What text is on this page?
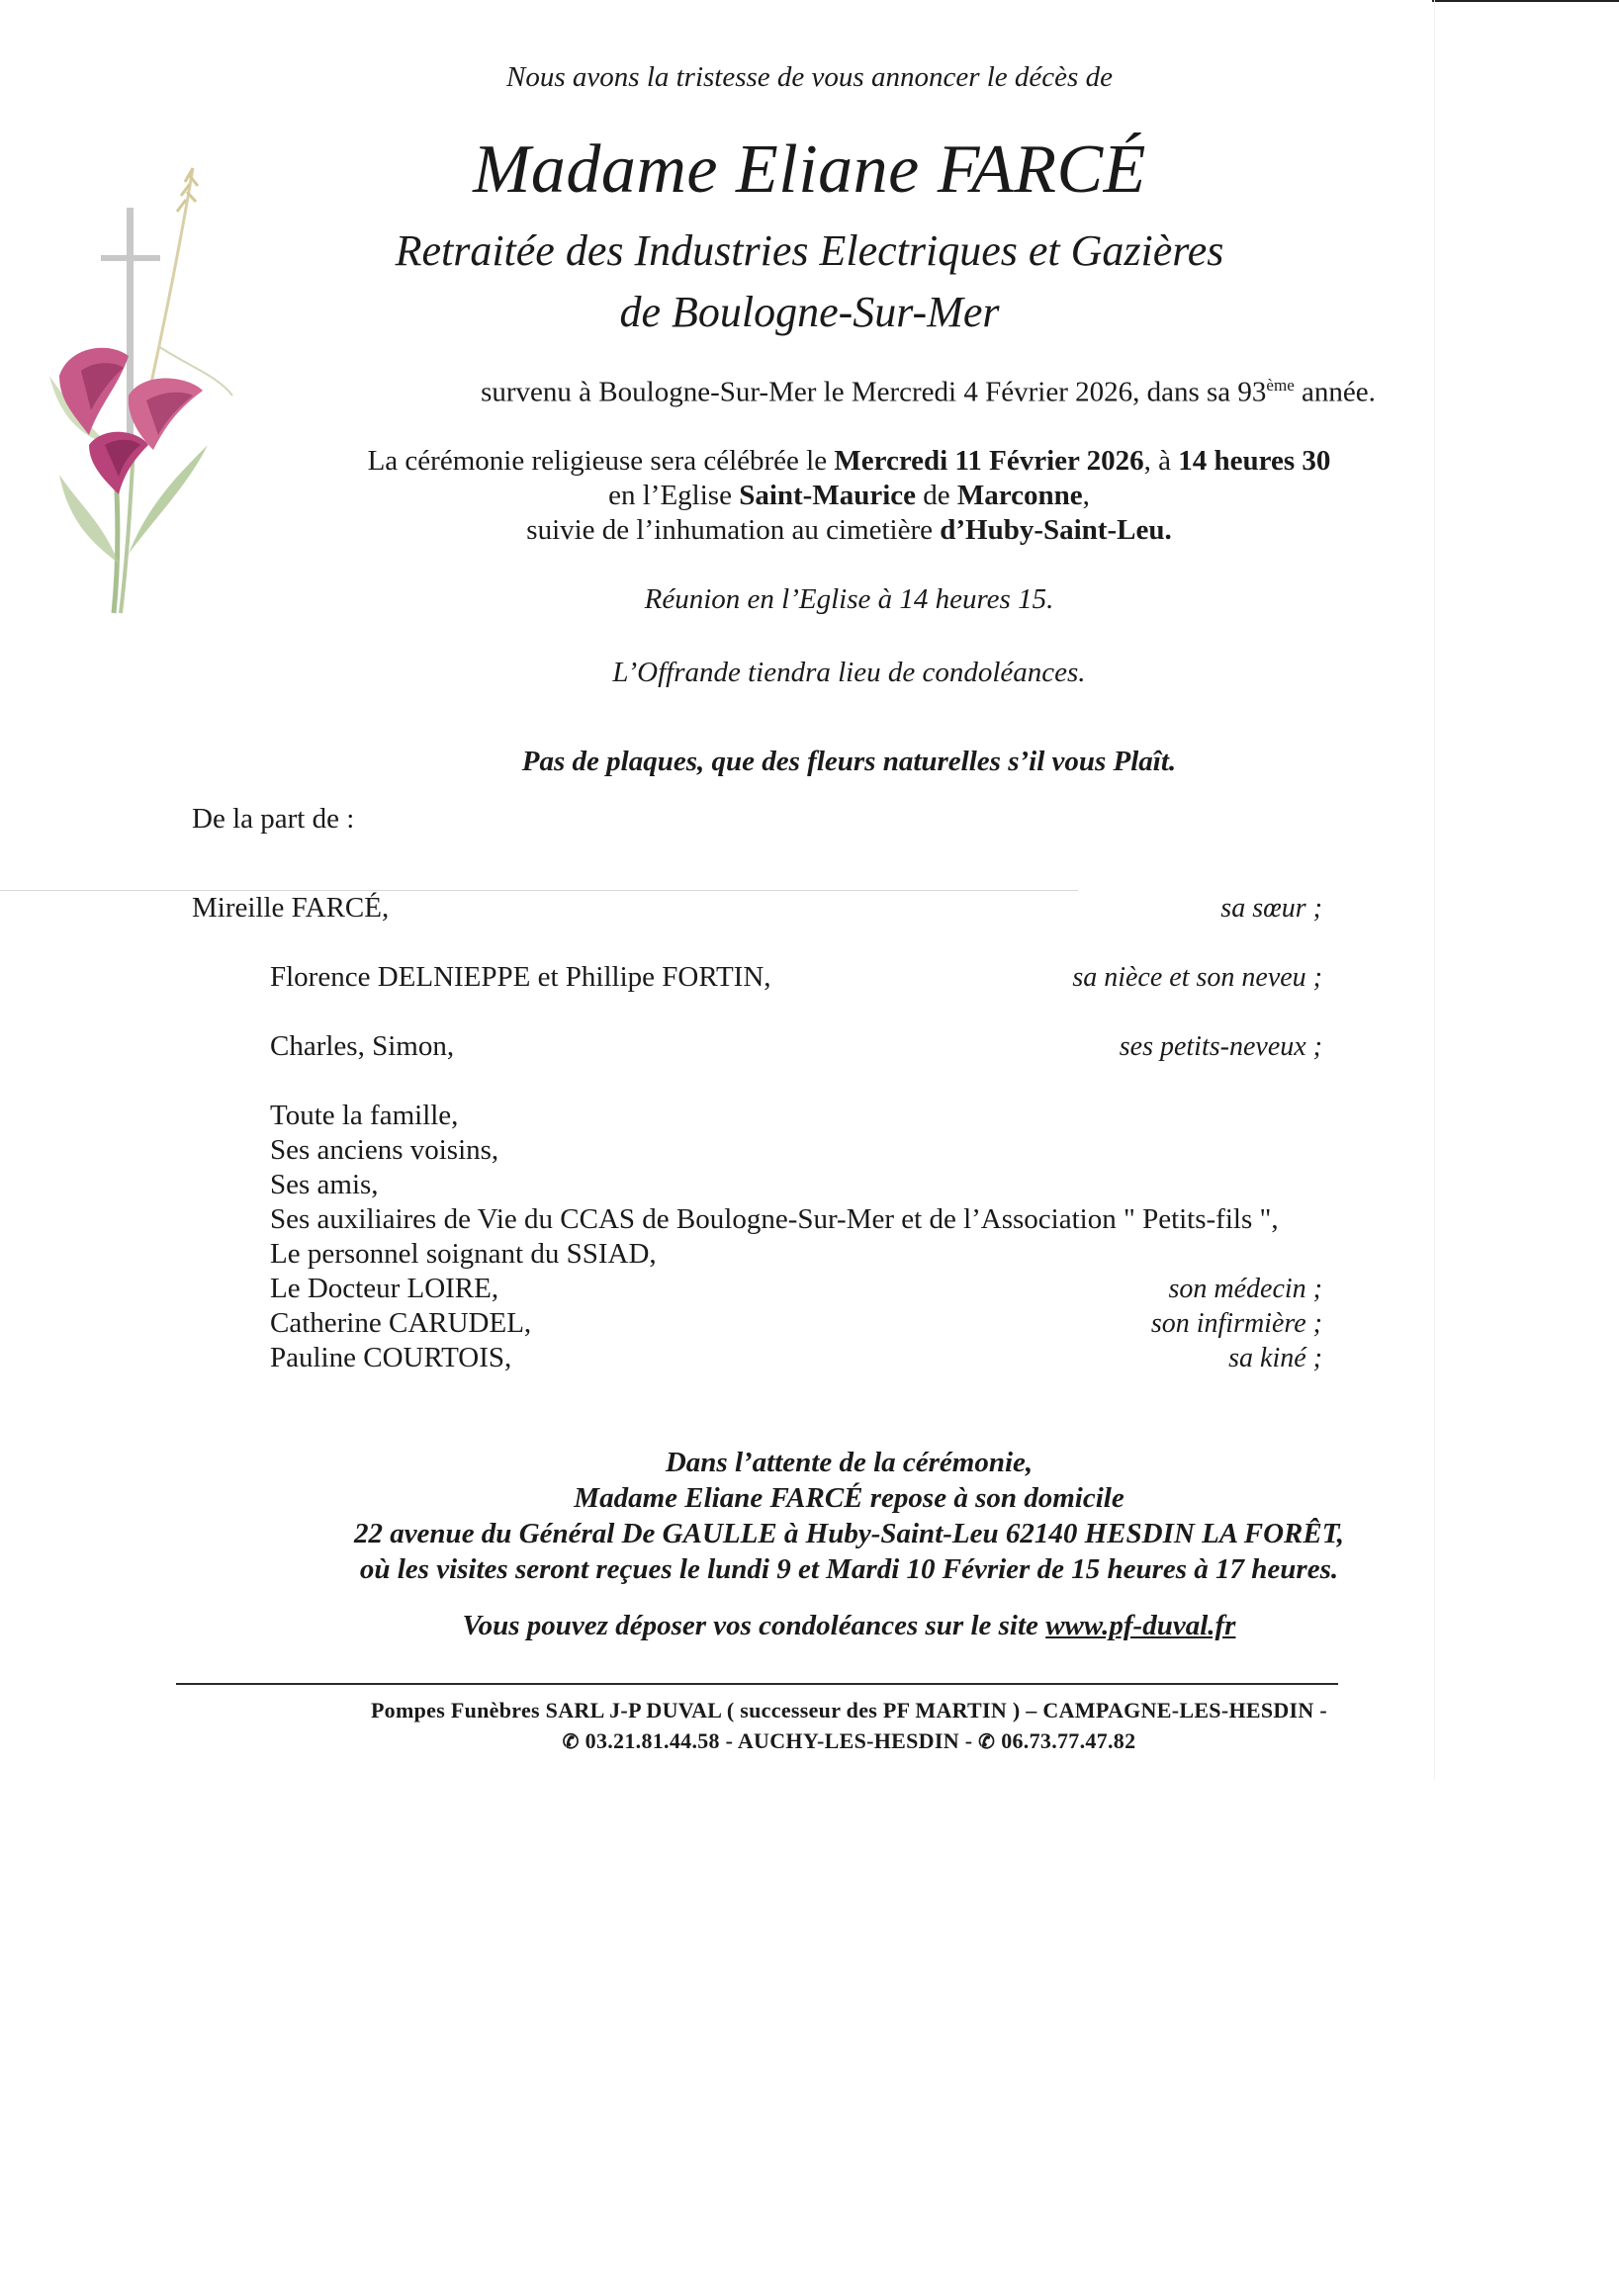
Nous avons la tristesse de vous annoncer le décès de
Madame Eliane FARCÉ
Retraitée des Industries Electriques et Gazières
de Boulogne-Sur-Mer
survenu à Boulogne-Sur-Mer le Mercredi 4 Février 2026, dans sa 93ème année.
La cérémonie religieuse sera célébrée le Mercredi 11 Février 2026, à 14 heures 30
en l’Eglise Saint-Maurice de Marconne,
suivie de l’inhumation au cimetière d’Huby-Saint-Leu.
Réunion en l’Eglise à 14 heures 15.
L’Offrande tiendra lieu de condoléances.
Pas de plaques, que des fleurs naturelles s’il vous Plaît.
De la part de :
Mireille FARCÉ,	sa sœur ;
Florence DELNIEPPE et Phillipe FORTIN,	sa nièce et son neveu ;
Charles, Simon,	ses petits-neveux ;
Toute la famille,
Ses anciens voisins,
Ses amis,
Ses auxiliaires de Vie du CCAS de Boulogne-Sur-Mer et de l’Association " Petits-fils ",
Le personnel soignant du SSIAD,
Le Docteur LOIRE,	son médecin ;
Catherine CARUDEL,	son infirmière ;
Pauline COURTOIS,	sa kiné ;
Dans l’attente de la cérémonie,
Madame Eliane FARCÉ repose à son domicile
22 avenue du Général De GAULLE à Huby-Saint-Leu 62140 HESDIN LA FORÊT,
où les visites seront reçues le lundi 9 et Mardi 10 Février de 15 heures à 17 heures.
Vous pouvez déposer vos condoléances sur le site www.pf-duval.fr
Pompes Funèbres SARL J-P DUVAL ( successeur des PF MARTIN ) – CAMPAGNE-LES-HESDIN -
✆ 03.21.81.44.58 - AUCHY-LES-HESDIN - ✆ 06.73.77.47.82
